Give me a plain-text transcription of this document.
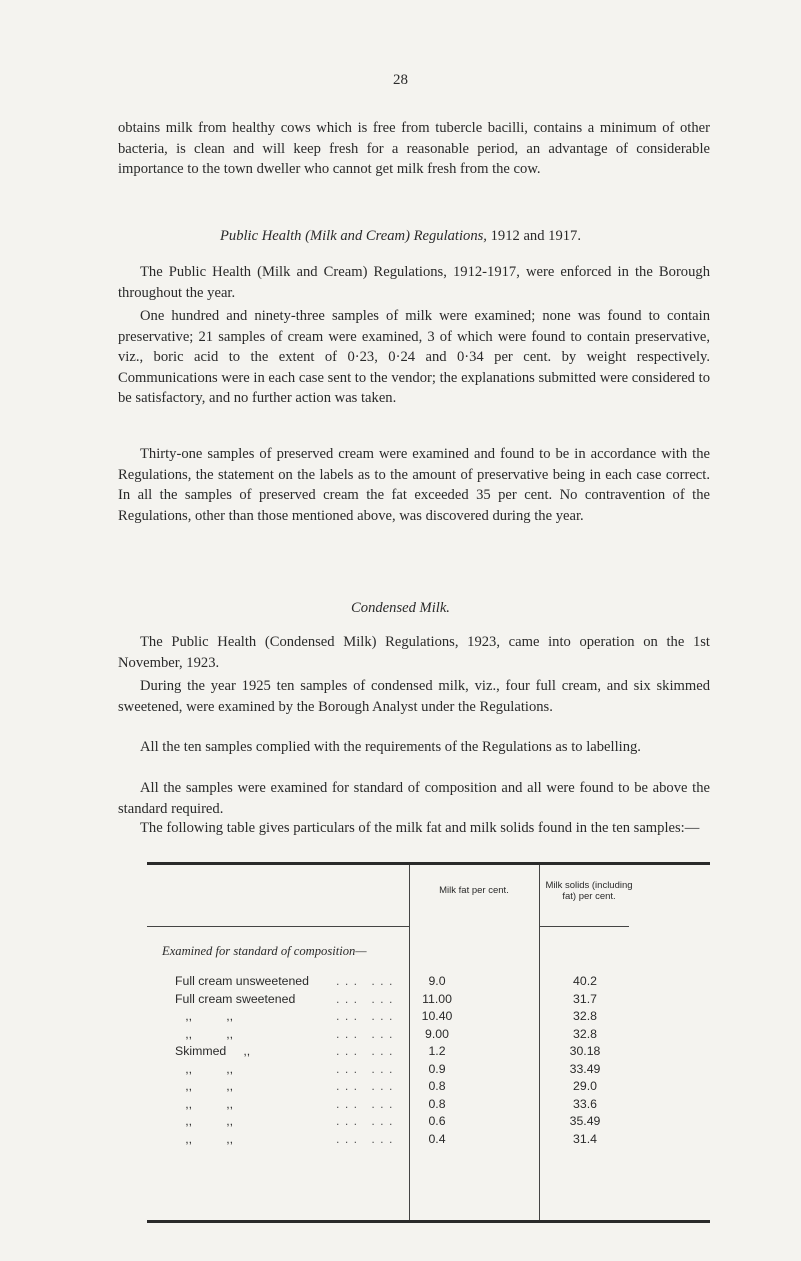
28

obtains milk from healthy cows which is free from tubercle bacilli, contains a minimum of other bacteria, is clean and will keep fresh for a reasonable period, an advantage of considerable importance to the town dweller who cannot get milk fresh from the cow.

Public Health (Milk and Cream) Regulations, 1912 and 1917.

The Public Health (Milk and Cream) Regulations, 1912-1917, were enforced in the Borough throughout the year.

One hundred and ninety-three samples of milk were examined; none was found to contain preservative; 21 samples of cream were examined, 3 of which were found to contain preservative, viz., boric acid to the extent of 0·23, 0·24 and 0·34 per cent. by weight respectively. Communications were in each case sent to the vendor; the explanations submitted were considered to be satisfactory, and no further action was taken.

Thirty-one samples of preserved cream were examined and found to be in accordance with the Regulations, the statement on the labels as to the amount of preservative being in each case correct. In all the samples of preserved cream the fat exceeded 35 per cent. No contravention of the Regulations, other than those mentioned above, was discovered during the year.

Condensed Milk.

The Public Health (Condensed Milk) Regulations, 1923, came into operation on the 1st November, 1923.

During the year 1925 ten samples of condensed milk, viz., four full cream, and six skimmed sweetened, were examined by the Borough Analyst under the Regulations.

All the ten samples complied with the requirements of the Regulations as to labelling.

All the samples were examined for standard of composition and all were found to be above the standard required.

The following table gives particulars of the milk fat and milk solids found in the ten samples:—

Milk fat per cent.	Milk solids (including fat) per cent.
Examined for standard of composition—
Full cream unsweetened . . .   . . .	9.0	40.2
Full cream sweetened	. . .   . . .	11.00	31.7
,,          ,,	. . .   . . .	10.40	32.8
,,          ,,	. . .   . . .	9.00	32.8
Skimmed     ,,	. . .   . . .	1.2	30.18
,,          ,,	. . .   . . .	0.9	33.49
,,          ,,	. . .   . . .	0.8	29.0
,,          ,,	. . .   . . .	0.8	33.6
,,          ,,	. . .   . . .	0.6	35.49
,,          ,,	. . .   . . .	0.4	31.4
